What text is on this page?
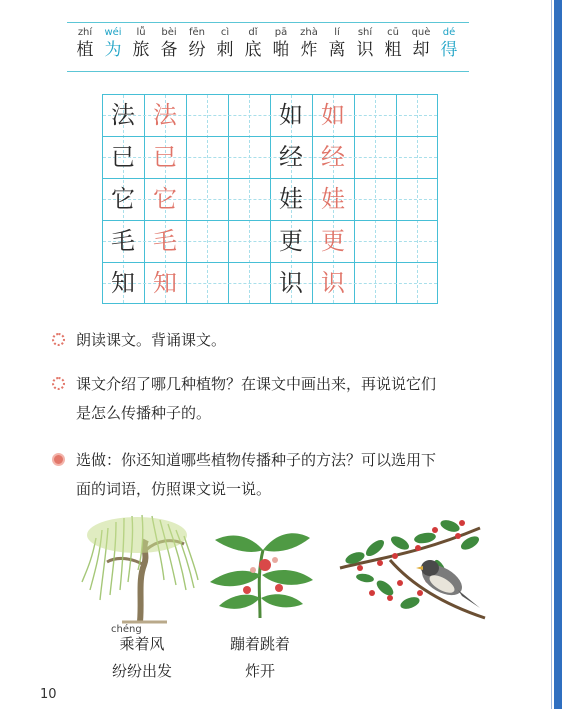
zhí
植
wéi
为
lǚ
旅
bèi
备
fēn
纷
cì
刺
dǐ
底
pā
啪
zhà
炸
lí
离
shí
识
cū
粗
què
却
dé
得
法 法
已 已
它 它
毛 毛
知 知
如 如
经 经
娃 娃
更 更
识 识
朗读课文。背诵课文。
课文介绍了哪几种植物？在课文中画出来，再说说它们
是怎么传播种子的。
选做：你还知道哪些植物传播种子的方法？可以选用下
面的词语，仿照课文说一说。
chéng
乘着风
纷纷出发
蹦着跳着
炸开
10
